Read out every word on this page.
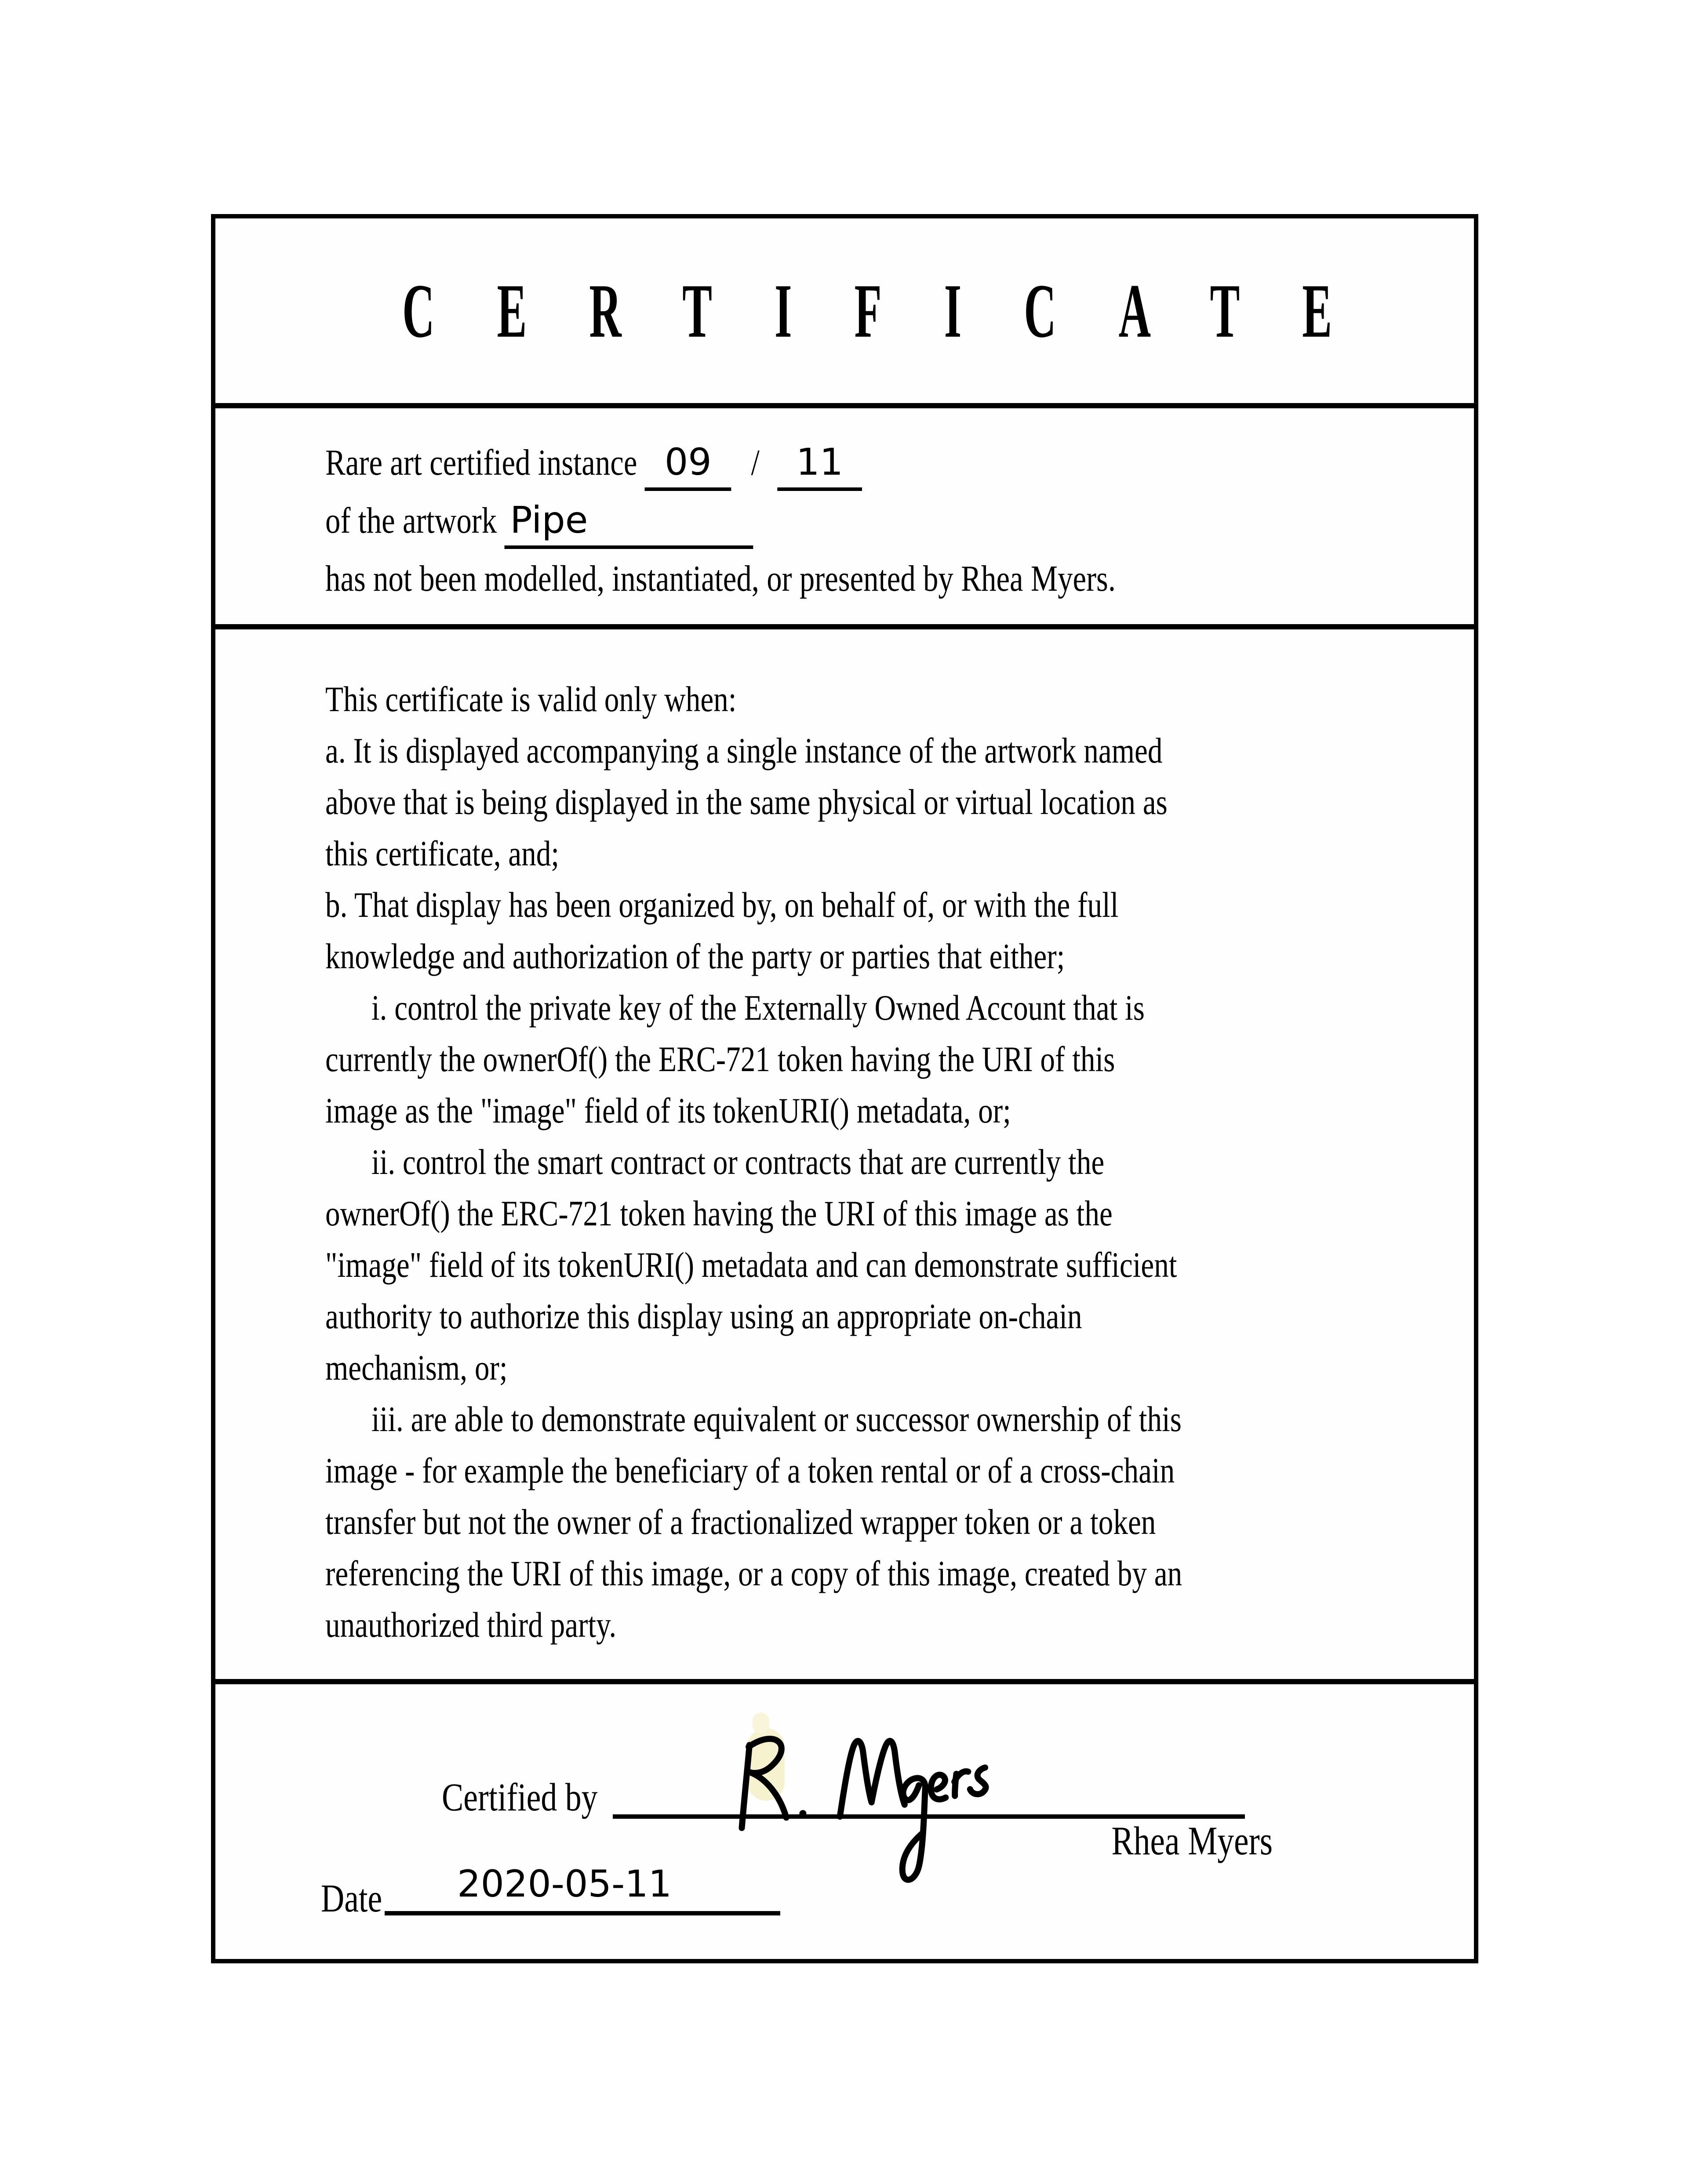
CERTIFICATE
Rare art certified instance 09 / 11
of the artwork Pipe
has not been modelled, instantiated, or presented by Rhea Myers.
This certificate is valid only when:
a. It is displayed accompanying a single instance of the artwork named
above that is being displayed in the same physical or virtual location as
this certificate, and;
b. That display has been organized by, on behalf of, or with the full
knowledge and authorization of the party or parties that either;
i. control the private key of the Externally Owned Account that is
currently the ownerOf() the ERC-721 token having the URI of this
image as the "image" field of its tokenURI() metadata, or;
ii. control the smart contract or contracts that are currently the
ownerOf() the ERC-721 token having the URI of this image as the
"image" field of its tokenURI() metadata and can demonstrate sufficient
authority to authorize this display using an appropriate on-chain
mechanism, or;
iii. are able to demonstrate equivalent or successor ownership of this
image - for example the beneficiary of a token rental or of a cross-chain
transfer but not the owner of a fractionalized wrapper token or a token
referencing the URI of this image, or a copy of this image, created by an
unauthorized third party.
Certified by
Rhea Myers
Date	2020-05-11
